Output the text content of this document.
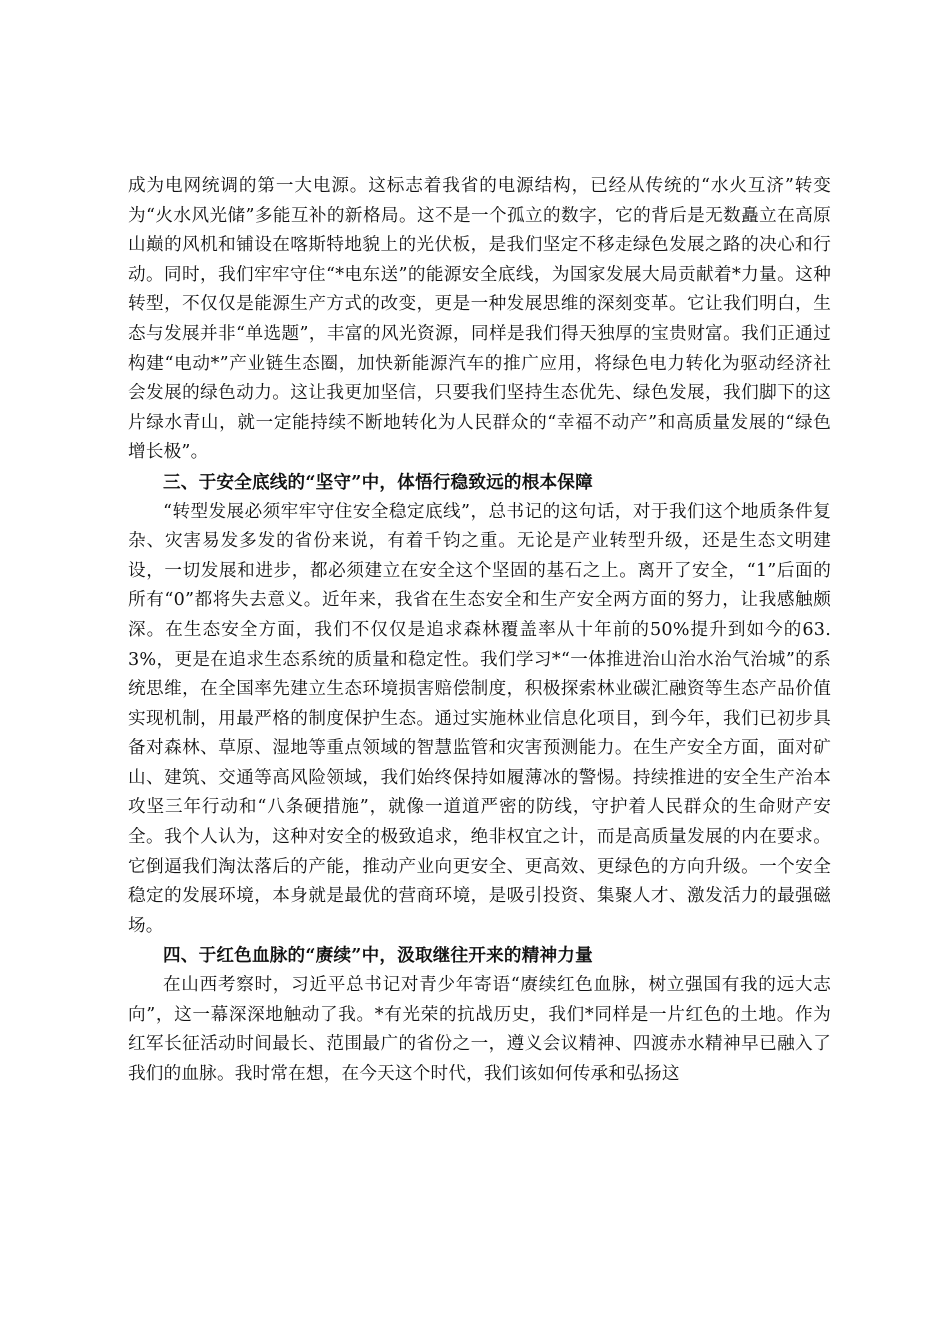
成为电网统调的第一大电源。这标志着我省的电源结构，已经从传统的“水火互济”转变为“火水风光储”多能互补的新格局。这不是一个孤立的数字，它的背后是无数矗立在高原山巅的风机和铺设在喀斯特地貌上的光伏板，是我们坚定不移走绿色发展之路的决心和行动。同时，我们牢牢守住“*电东送”的能源安全底线，为国家发展大局贡献着*力量。这种转型，不仅仅是能源生产方式的改变，更是一种发展思维的深刻变革。它让我们明白，生态与发展并非“单选题”，丰富的风光资源，同样是我们得天独厚的宝贵财富。我们正通过构建“电动*”产业链生态圈，加快新能源汽车的推广应用，将绿色电力转化为驱动经济社会发展的绿色动力。这让我更加坚信，只要我们坚持生态优先、绿色发展，我们脚下的这片绿水青山，就一定能持续不断地转化为人民群众的“幸福不动产”和高质量发展的“绿色增长极”。

三、于安全底线的“坚守”中，体悟行稳致远的根本保障

“转型发展必须牢牢守住安全稳定底线”，总书记的这句话，对于我们这个地质条件复杂、灾害易发多发的省份来说，有着千钧之重。无论是产业转型升级，还是生态文明建设，一切发展和进步，都必须建立在安全这个坚固的基石之上。离开了安全，“1”后面的所有“0”都将失去意义。近年来，我省在生态安全和生产安全两方面的努力，让我感触颇深。在生态安全方面，我们不仅仅是追求森林覆盖率从十年前的50%提升到如今的63.3%，更是在追求生态系统的质量和稳定性。我们学习*“一体推进治山治水治气治城”的系统思维，在全国率先建立生态环境损害赔偿制度，积极探索林业碳汇融资等生态产品价值实现机制，用最严格的制度保护生态。通过实施林业信息化项目，到今年，我们已初步具备对森林、草原、湿地等重点领域的智慧监管和灾害预测能力。在生产安全方面，面对矿山、建筑、交通等高风险领域，我们始终保持如履薄冰的警惕。持续推进的安全生产治本攻坚三年行动和“八条硬措施”，就像一道道严密的防线，守护着人民群众的生命财产安全。我个人认为，这种对安全的极致追求，绝非权宜之计，而是高质量发展的内在要求。它倒逼我们淘汰落后的产能，推动产业向更安全、更高效、更绿色的方向升级。一个安全稳定的发展环境，本身就是最优的营商环境，是吸引投资、集聚人才、激发活力的最强磁场。

四、于红色血脉的“赓续”中，汲取继往开来的精神力量

在山西考察时，习近平总书记对青少年寄语“赓续红色血脉，树立强国有我的远大志向”，这一幕深深地触动了我。*有光荣的抗战历史，我们*同样是一片红色的土地。作为红军长征活动时间最长、范围最广的省份之一，遵义会议精神、四渡赤水精神早已融入了我们的血脉。我时常在想，在今天这个时代，我们该如何传承和弘扬这
